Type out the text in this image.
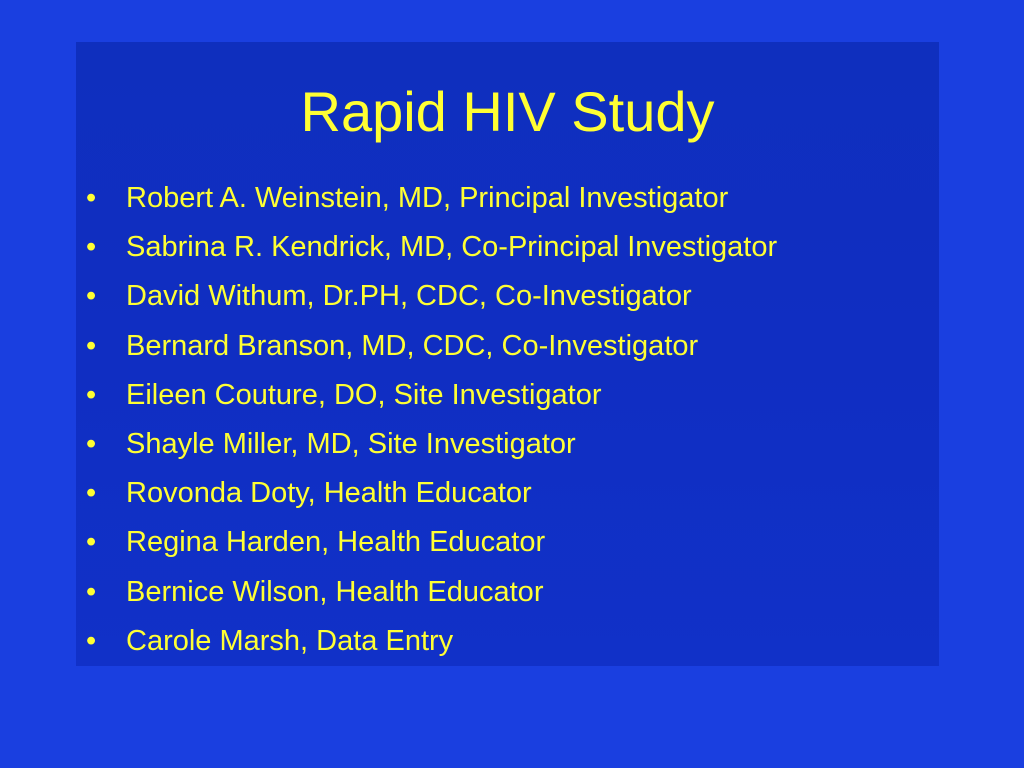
Rapid HIV Study
• Robert A. Weinstein, MD, Principal Investigator
• Sabrina R. Kendrick, MD, Co-Principal Investigator
• David Withum, Dr.PH, CDC, Co-Investigator
• Bernard Branson, MD, CDC, Co-Investigator
• Eileen Couture, DO, Site Investigator
• Shayle Miller, MD, Site Investigator
• Rovonda Doty, Health Educator
• Regina Harden, Health Educator
• Bernice Wilson, Health Educator
• Carole Marsh, Data Entry
